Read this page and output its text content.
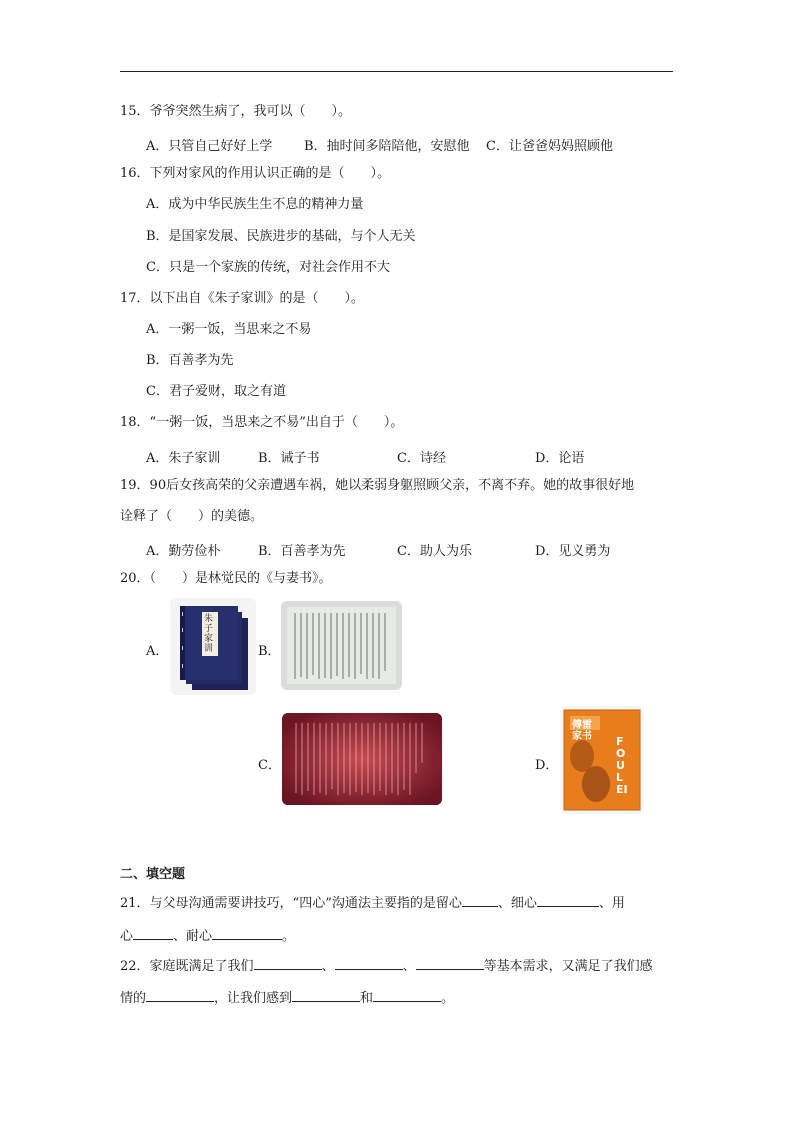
15．爷爷突然生病了，我可以（　　）。
A．只管自己好好上学 B．抽时间多陪陪他，安慰他 C．让爸爸妈妈照顾他
16．下列对家风的作用认识正确的是（　　）。
A．成为中华民族生生不息的精神力量
B．是国家发展、民族进步的基础，与个人无关
C．只是一个家族的传统，对社会作用不大
17．以下出自《朱子家训》的是（　　）。
A．一粥一饭，当思来之不易
B．百善孝为先
C．君子爱财，取之有道
18．“一粥一饭，当思来之不易”出自于（　　）。
A．朱子家训	B．诫子书	C．诗经	D．论语
19．90后女孩高荣的父亲遭遇车祸，她以柔弱身躯照顾父亲，不离不弃。她的故事很好地
诠释了（　　）的美德。
A．勤劳俭朴	B．百善孝为先	C．助人为乐	D．见义勇为
20．（　　）是林觉民的《与妻书》。
A．
朱子家训	B．
C．	D．
傅雷家书	FOU LEI
二、填空题
21．与父母沟通需要讲技巧，“四心”沟通法主要指的是留心	、细心	、用
心	、耐心	。
22．家庭既满足了我们	、	、	等基本需求，又满足了我们感
情的	，让我们感到	和	。
